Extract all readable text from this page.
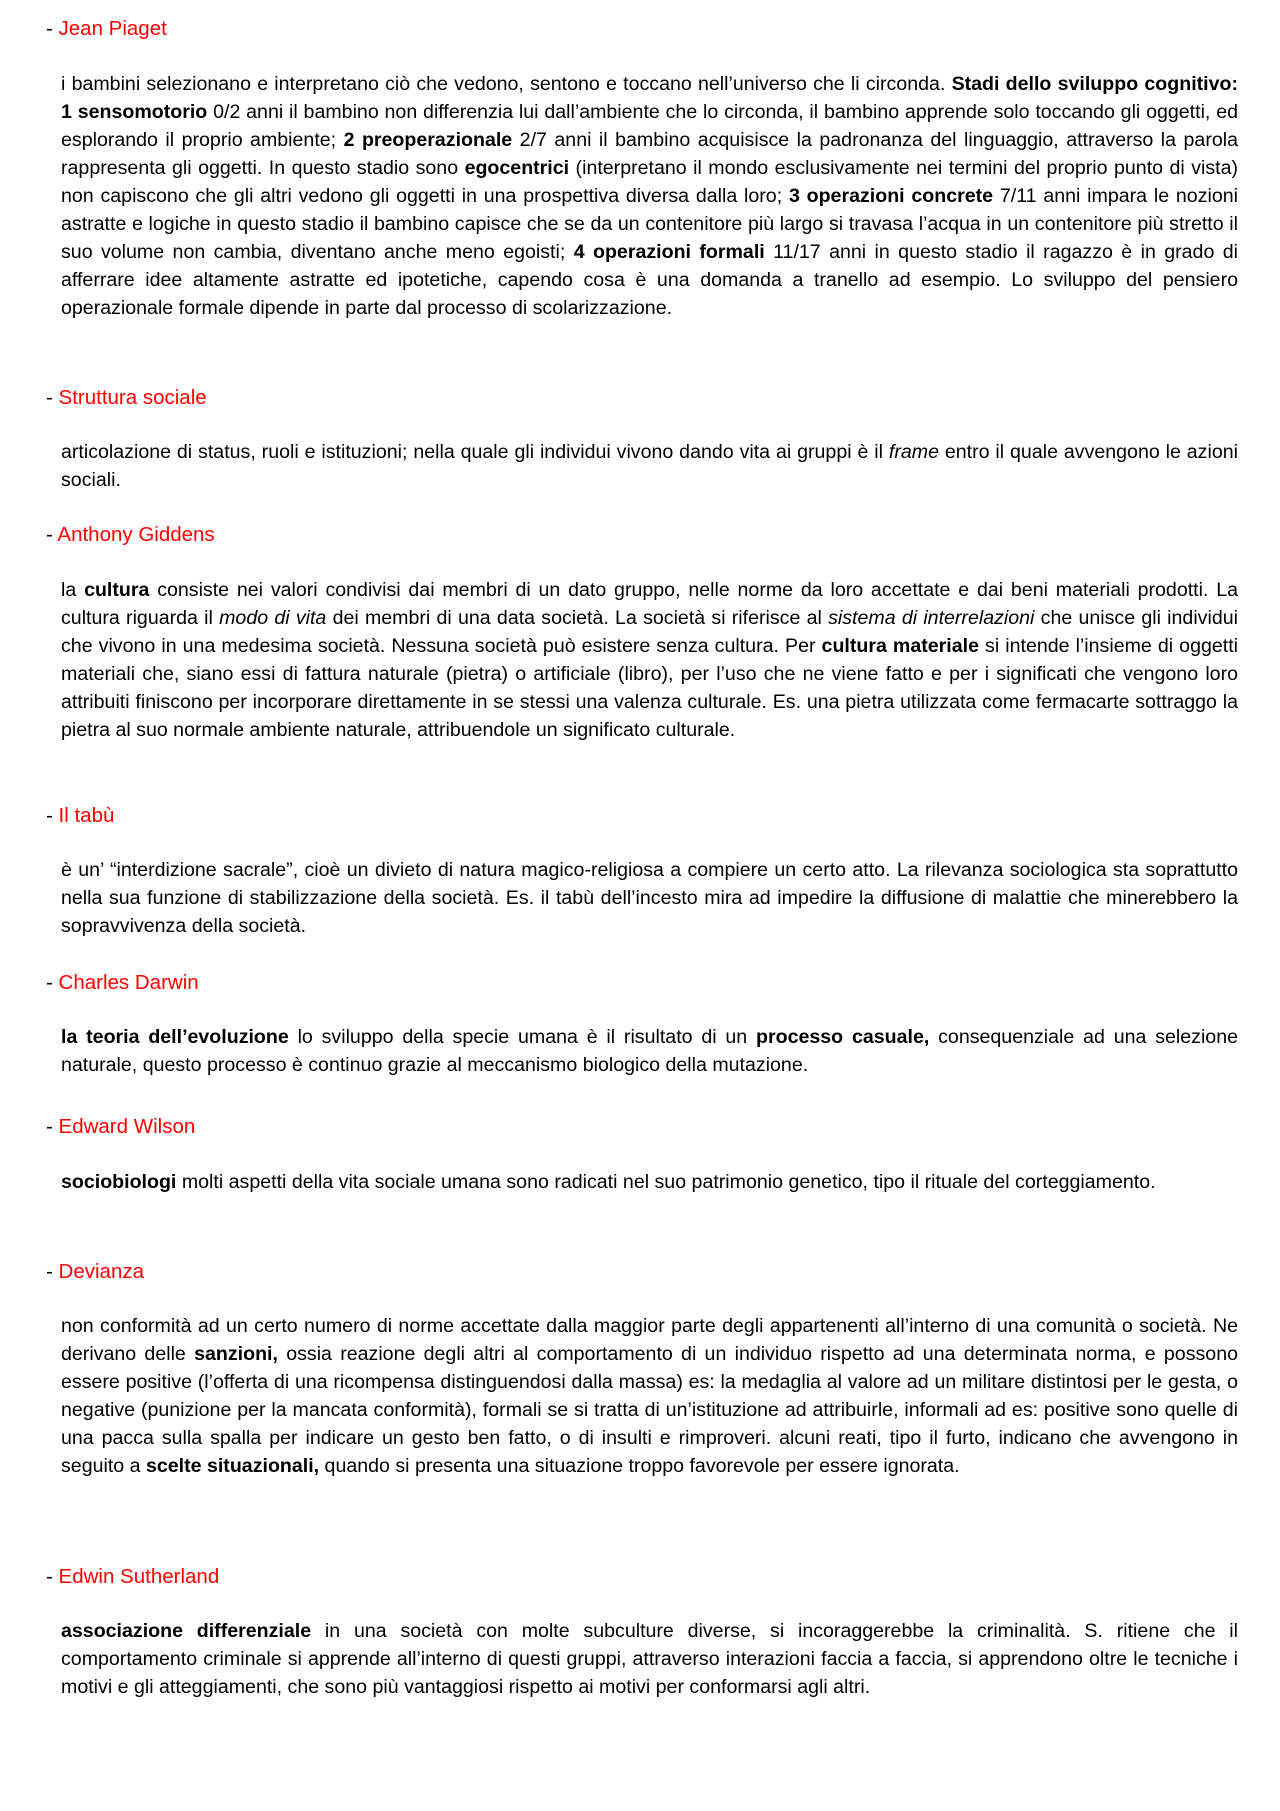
- Jean Piaget

i bambini selezionano e interpretano ciò che vedono, sentono e toccano nell’universo che li circonda. Stadi dello sviluppo cognitivo: 1 sensomotorio 0/2 anni il bambino non differenzia lui dall’ambiente che lo circonda, il bambino apprende solo toccando gli oggetti, ed esplorando il proprio ambiente; 2 preoperazionale 2/7 anni il bambino acquisisce la padronanza del linguaggio, attraverso la parola rappresenta gli oggetti. In questo stadio sono egocentrici (interpretano il mondo esclusivamente nei termini del proprio punto di vista) non capiscono che gli altri vedono gli oggetti in una prospettiva diversa dalla loro; 3 operazioni concrete 7/11 anni impara le nozioni astratte e logiche in questo stadio il bambino capisce che se da un contenitore più largo si travasa l’acqua in un contenitore più stretto il suo volume non cambia, diventano anche meno egoisti; 4 operazioni formali 11/17 anni in questo stadio il ragazzo è in grado di afferrare idee altamente astratte ed ipotetiche, capendo cosa è una domanda a tranello ad esempio. Lo sviluppo del pensiero operazionale formale dipende in parte dal processo di scolarizzazione.

- Struttura sociale

articolazione di status, ruoli e istituzioni; nella quale gli individui vivono dando vita ai gruppi è il frame entro il quale avvengono le azioni sociali.

- Anthony Giddens

la cultura consiste nei valori condivisi dai membri di un dato gruppo, nelle norme da loro accettate e dai beni materiali prodotti. La cultura riguarda il modo di vita dei membri di una data società. La società si riferisce al sistema di interrelazioni che unisce gli individui che vivono in una medesima società. Nessuna società può esistere senza cultura. Per cultura materiale si intende l’insieme di oggetti materiali che, siano essi di fattura naturale (pietra) o artificiale (libro), per l’uso che ne viene fatto e per i significati che vengono loro attribuiti finiscono per incorporare direttamente in se stessi una valenza culturale. Es. una pietra utilizzata come fermacarte sottraggo la pietra al suo normale ambiente naturale, attribuendole un significato culturale.

- Il tabù

è un’ “interdizione sacrale”, cioè un divieto di natura magico-religiosa a compiere un certo atto. La rilevanza sociologica sta soprattutto nella sua funzione di stabilizzazione della società. Es. il tabù dell’incesto mira ad impedire la diffusione di malattie che minerebbero la sopravvivenza della società.

- Charles Darwin

la teoria dell’evoluzione lo sviluppo della specie umana è il risultato di un processo casuale, consequenziale ad una selezione naturale, questo processo è continuo grazie al meccanismo biologico della mutazione.

- Edward Wilson

sociobiologi molti aspetti della vita sociale umana sono radicati nel suo patrimonio genetico, tipo il rituale del corteggiamento.

- Devianza

non conformità ad un certo numero di norme accettate dalla maggior parte degli appartenenti all’interno di una comunità o società. Ne derivano delle sanzioni, ossia reazione degli altri al comportamento di un individuo rispetto ad una determinata norma, e possono essere positive (l’offerta di una ricompensa distinguendosi dalla massa) es: la medaglia al valore ad un militare distintosi per le gesta, o negative (punizione per la mancata conformità), formali se si tratta di un’istituzione ad attribuirle, informali ad es: positive sono quelle di una pacca sulla spalla per indicare un gesto ben fatto, o di insulti e rimproveri. alcuni reati, tipo il furto, indicano che avvengono in seguito a scelte situazionali, quando si presenta una situazione troppo favorevole per essere ignorata.

- Edwin Sutherland

associazione differenziale in una società con molte subculture diverse, si incoraggerebbe la criminalità. S. ritiene che il comportamento criminale si apprende all’interno di questi gruppi, attraverso interazioni faccia a faccia, si apprendono oltre le tecniche i motivi e gli atteggiamenti, che sono più vantaggiosi rispetto ai motivi per conformarsi agli altri.
